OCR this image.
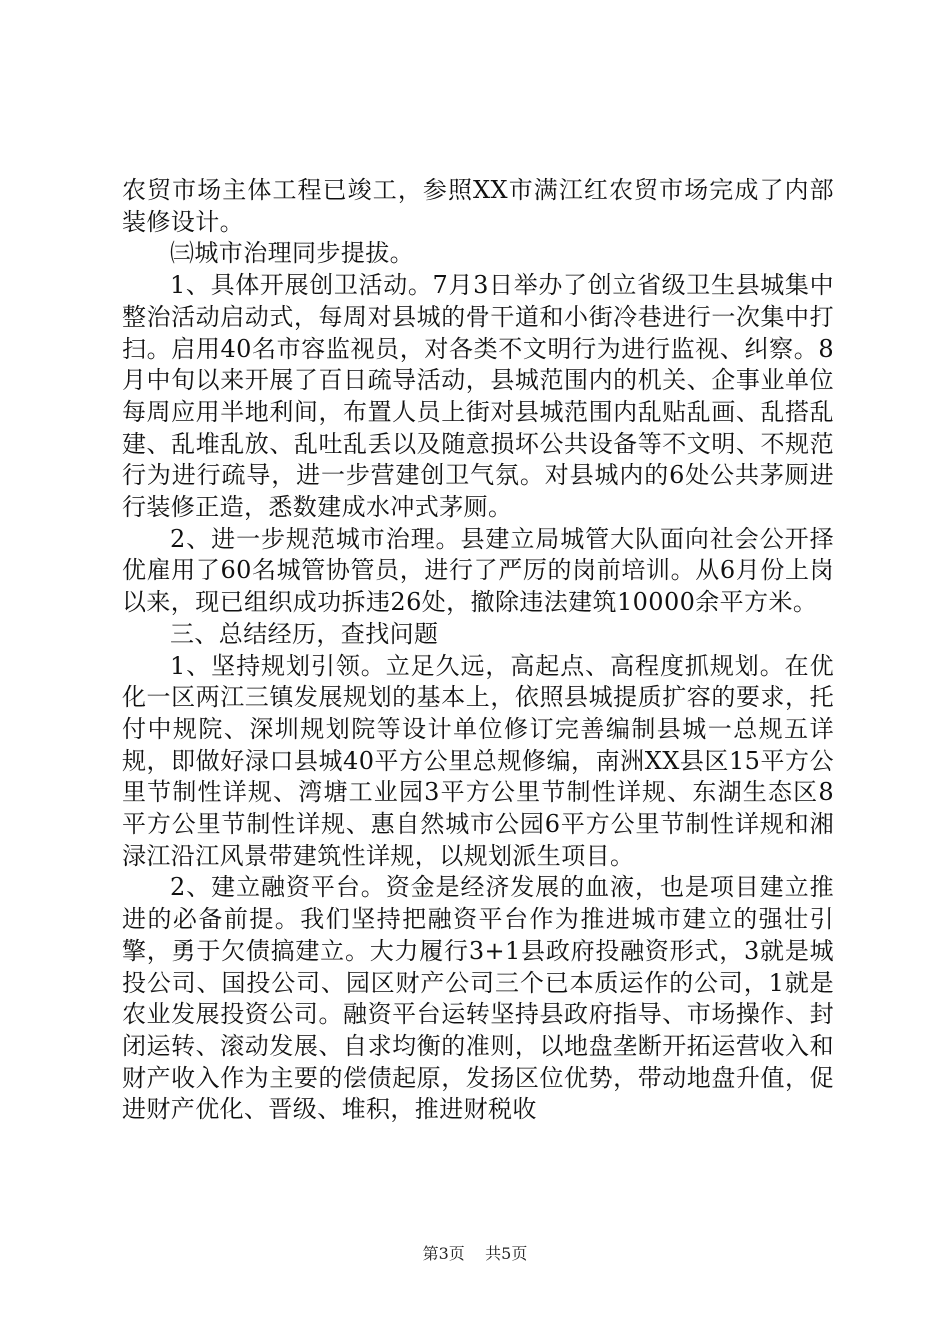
农贸市场主体工程已竣工，参照XX市满江红农贸市场完成了内部装修设计。

㈢城市治理同步提拔。

1、具体开展创卫活动。7月3日举办了创立省级卫生县城集中整治活动启动式，每周对县城的骨干道和小街冷巷进行一次集中打扫。启用40名市容监视员，对各类不文明行为进行监视、纠察。8月中旬以来开展了百日疏导活动，县城范围内的机关、企事业单位每周应用半地利间，布置人员上街对县城范围内乱贴乱画、乱搭乱建、乱堆乱放、乱吐乱丢以及随意损坏公共设备等不文明、不规范行为进行疏导，进一步营建创卫气氛。对县城内的6处公共茅厕进行装修正造，悉数建成水冲式茅厕。

2、进一步规范城市治理。县建立局城管大队面向社会公开择优雇用了60名城管协管员，进行了严厉的岗前培训。从6月份上岗以来，现已组织成功拆违26处，撤除违法建筑10000余平方米。

三、总结经历，查找问题

1、坚持规划引领。立足久远，高起点、高程度抓规划。在优化一区两江三镇发展规划的基本上，依照县城提质扩容的要求，托付中规院、深圳规划院等设计单位修订完善编制县城一总规五详规，即做好渌口县城40平方公里总规修编，南洲XX县区15平方公里节制性详规、湾塘工业园3平方公里节制性详规、东湖生态区8平方公里节制性详规、惠自然城市公园6平方公里节制性详规和湘渌江沿江风景带建筑性详规，以规划派生项目。

2、建立融资平台。资金是经济发展的血液，也是项目建立推进的必备前提。我们坚持把融资平台作为推进城市建立的强壮引擎，勇于欠债搞建立。大力履行3+1县政府投融资形式，3就是城投公司、国投公司、园区财产公司三个已本质运作的公司，1就是农业发展投资公司。融资平台运转坚持县政府指导、市场操作、封闭运转、滚动发展、自求均衡的准则，以地盘垄断开拓运营收入和财产收入作为主要的偿债起原，发扬区位优势，带动地盘升值，促进财产优化、晋级、堆积，推进财税收

第3页 共5页
